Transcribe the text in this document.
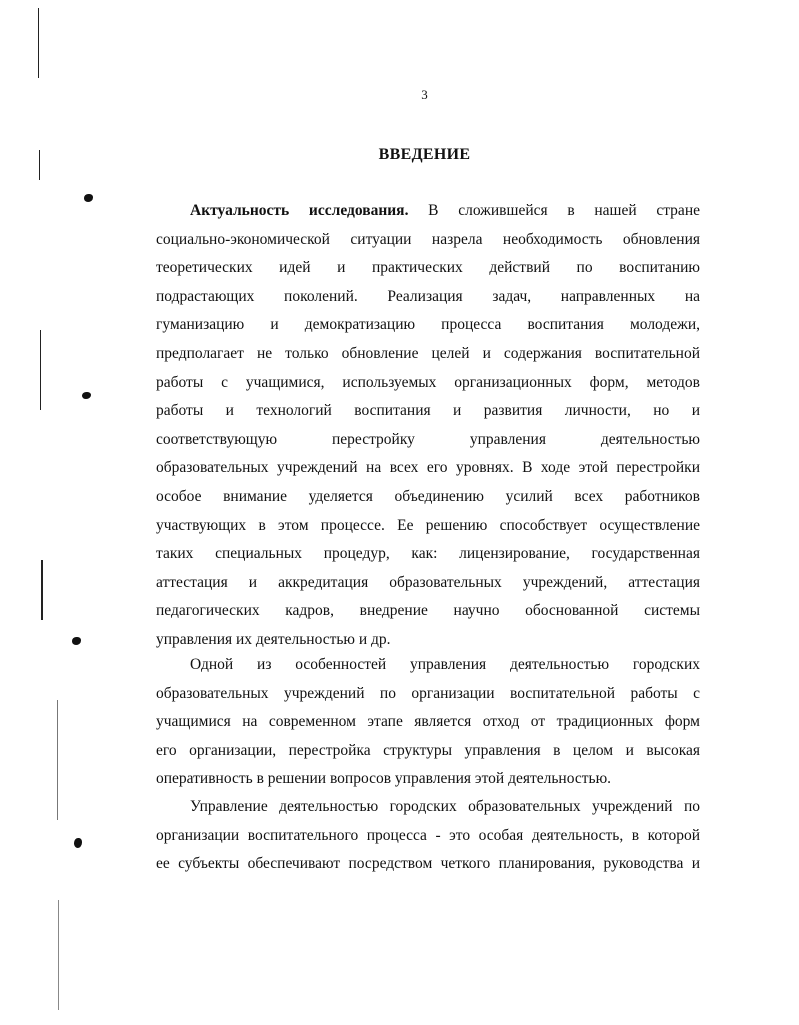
3
ВВЕДЕНИЕ
Актуальность исследования. В сложившейся в нашей стране
социально-экономической ситуации назрела необходимость обновления
теоретических идей и практических действий по воспитанию
подрастающих поколений. Реализация задач, направленных на
гуманизацию и демократизацию процесса воспитания молодежи,
предполагает не только обновление целей и содержания воспитательной
работы с учащимися, используемых организационных форм, методов
работы и технологий воспитания и развития личности, но и
соответствующую перестройку управления деятельностью
образовательных учреждений на всех его уровнях. В ходе этой перестройки
особое внимание уделяется объединению усилий всех работников
участвующих в этом процессе. Ее решению способствует осуществление
таких специальных процедур, как: лицензирование, государственная
аттестация и аккредитация образовательных учреждений, аттестация
педагогических кадров, внедрение научно обоснованной системы
управления их деятельностью и др.
Одной из особенностей управления деятельностью городских
образовательных учреждений по организации воспитательной работы с
учащимися на современном этапе является отход от традиционных форм
его организации, перестройка структуры управления в целом и высокая
оперативность в решении вопросов управления этой деятельностью.
Управление деятельностью городских образовательных учреждений по
организации воспитательного процесса - это особая деятельность, в которой
ее субъекты обеспечивают посредством четкого планирования, руководства и
